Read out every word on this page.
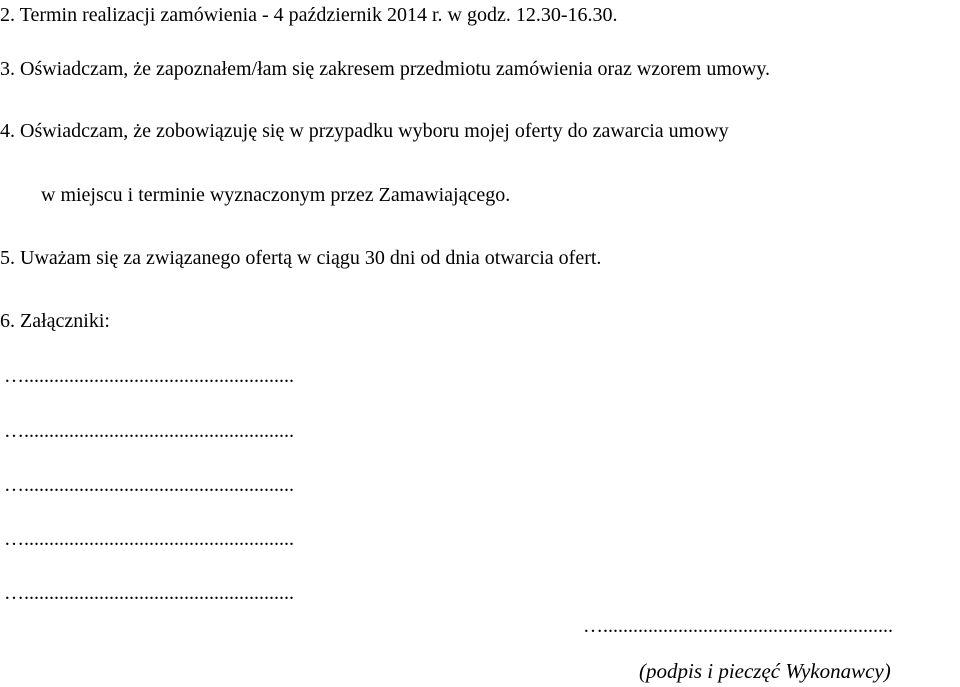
2. Termin realizacji zamówienia - 4 październik 2014 r. w godz. 12.30-16.30.
3. Oświadczam, że zapoznałem/łam się zakresem przedmiotu zamówienia oraz wzorem umowy.
4. Oświadczam, że zobowiązuję się w przypadku wyboru mojej oferty do zawarcia umowy
w miejscu i terminie wyznaczonym przez Zamawiającego.
5. Uważam się za związanego ofertą w ciągu 30 dni od dnia otwarcia ofert.
6. Załączniki:
…......................................................
…......................................................
…......................................................
…......................................................
…......................................................
…..........................................................
(podpis i pieczęć Wykonawcy)
